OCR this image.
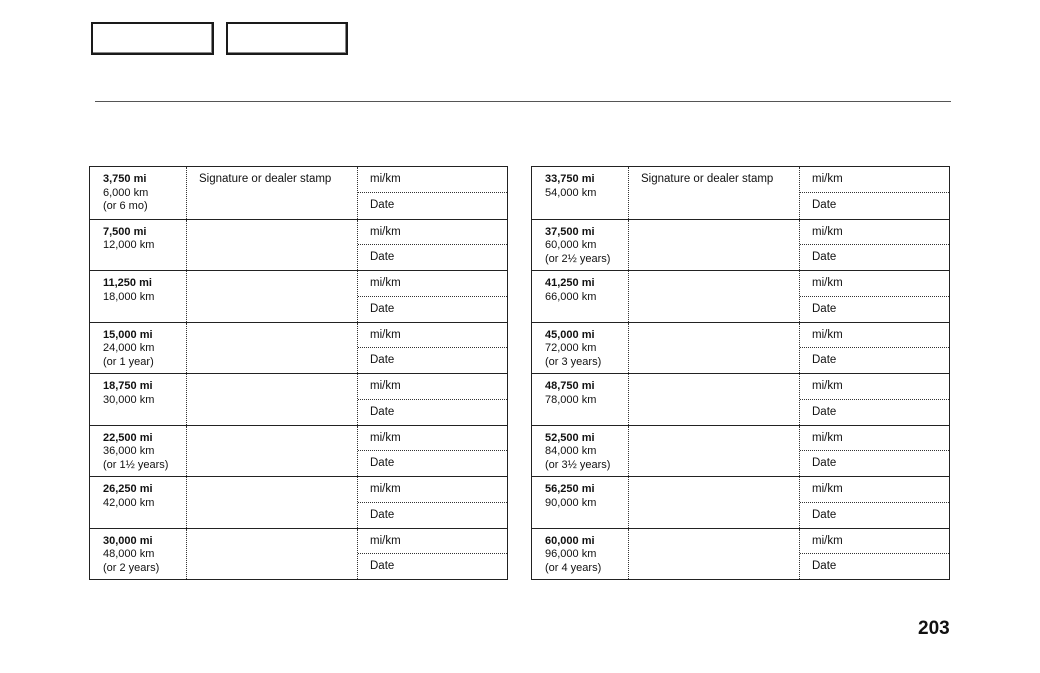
3,750 mi
6,000 km
(or 6 mo)
Signature or dealer stamp	mi/km
Date
7,500 mi
12,000 km
mi/km
Date
11,250 mi
18,000 km
mi/km
Date
15,000 mi
24,000 km
(or 1 year)
mi/km
Date
18,750 mi
30,000 km
mi/km
Date
22,500 mi
36,000 km
(or 1½ years)
mi/km
Date
26,250 mi
42,000 km
mi/km
Date
30,000 mi
48,000 km
(or 2 years)
mi/km
Date
33,750 mi
54,000 km
Signature or dealer stamp	mi/km
Date
37,500 mi
60,000 km
(or 2½ years)
mi/km
Date
41,250 mi
66,000 km
mi/km
Date
45,000 mi
72,000 km
(or 3 years)
mi/km
Date
48,750 mi
78,000 km
mi/km
Date
52,500 mi
84,000 km
(or 3½ years)
mi/km
Date
56,250 mi
90,000 km
mi/km
Date
60,000 mi
96,000 km
(or 4 years)
mi/km
Date
203
